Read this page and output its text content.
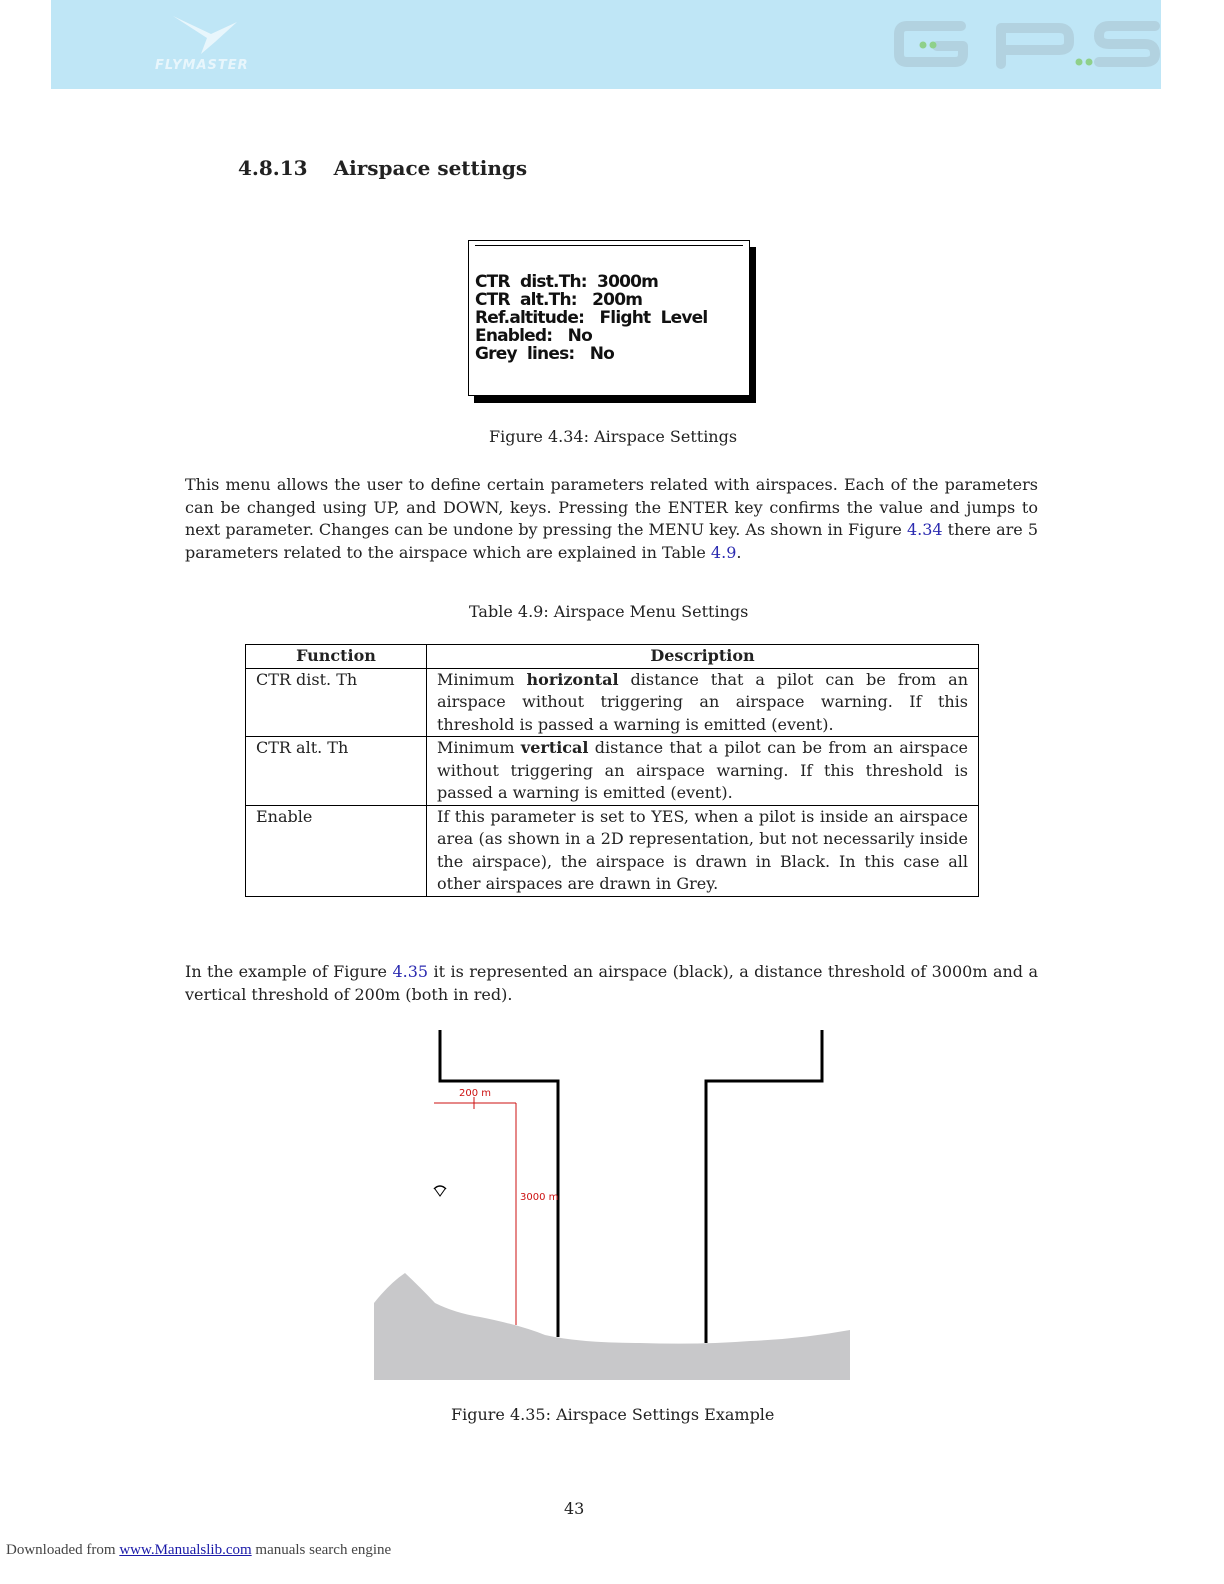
FLYMASTER
4.8.13 Airspace settings
CTR  dist.Th: 3000m
CTR  alt.Th: 200m
Ref.altitude: Flight  Level
Enabled: No
Grey  lines: No
Figure 4.34: Airspace Settings

This menu allows the user to define certain parameters related with airspaces. Each of the parameters can be changed using UP, and DOWN, keys. Pressing the ENTER key confirms the value and jumps to next parameter. Changes can be undone by pressing the MENU key. As shown in Figure 4.34 there are 5 parameters related to the airspace which are explained in Table 4.9.

Table 4.9: Airspace Menu Settings
Function	Description
CTR dist. Th	Minimum horizontal distance that a pilot can be from an airspace without triggering an airspace warning. If this threshold is passed a warning is emitted (event).
CTR alt. Th	Minimum vertical distance that a pilot can be from an airspace without triggering an airspace warning. If this threshold is passed a warning is emitted (event).
Enable	If this parameter is set to YES, when a pilot is inside an airspace area (as shown in a 2D representation, but not necessarily inside the airspace), the airspace is drawn in Black. In this case all other airspaces are drawn in Grey.

In the example of Figure 4.35 it is represented an airspace (black), a distance threshold of 3000m and a vertical threshold of 200m (both in red).

200 m
3000 m
Figure 4.35: Airspace Settings Example
43
Downloaded from www.Manualslib.com manuals search engine
